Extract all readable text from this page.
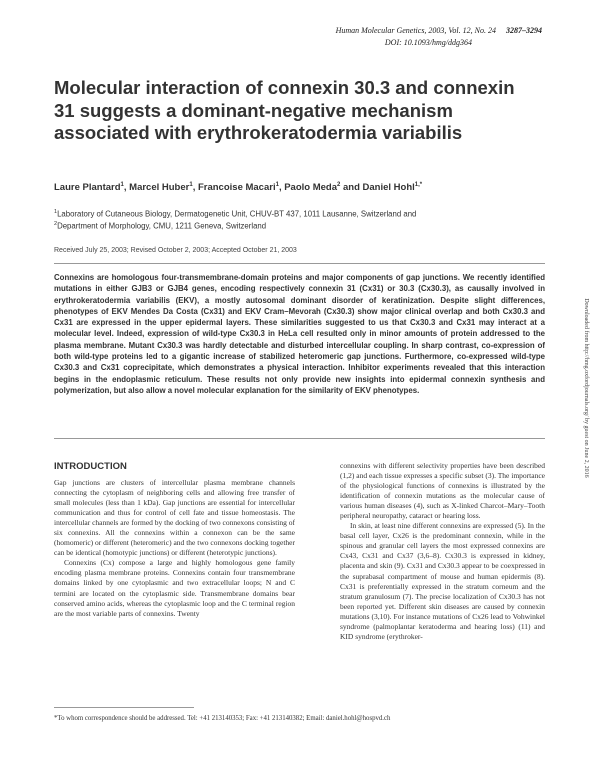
Human Molecular Genetics, 2003, Vol. 12, No. 24 3287–3294
DOI: 10.1093/hmg/ddg364
Molecular interaction of connexin 30.3 and connexin 31 suggests a dominant-negative mechanism associated with erythrokeratodermia variabilis
Laure Plantard$^1$, Marcel Huber$^1$, Francoise Macari$^1$, Paolo Meda$^2$ and Daniel Hohl$^{1,*}$
$^1$Laboratory of Cutaneous Biology, Dermatogenetic Unit, CHUV-BT 437, 1011 Lausanne, Switzerland and
$^2$Department of Morphology, CMU, 1211 Geneva, Switzerland
Received July 25, 2003; Revised October 2, 2003; Accepted October 21, 2003
Connexins are homologous four-transmembrane-domain proteins and major components of gap junctions. We recently identified mutations in either GJB3 or GJB4 genes, encoding respectively connexin 31 (Cx31) or 30.3 (Cx30.3), as causally involved in erythrokeratodermia variabilis (EKV), a mostly autosomal dominant disorder of keratinization. Despite slight differences, phenotypes of EKV Mendes Da Costa (Cx31) and EKV Cram–Mevorah (Cx30.3) show major clinical overlap and both Cx30.3 and Cx31 are expressed in the upper epidermal layers. These similarities suggested to us that Cx30.3 and Cx31 may interact at a molecular level. Indeed, expression of wild-type Cx30.3 in HeLa cell resulted only in minor amounts of protein addressed to the plasma membrane. Mutant Cx30.3 was hardly detectable and disturbed intercellular coupling. In sharp contrast, co-expression of both wild-type proteins led to a gigantic increase of stabilized heteromeric gap junctions. Furthermore, co-expressed wild-type Cx30.3 and Cx31 coprecipitate, which demonstrates a physical interaction. Inhibitor experiments revealed that this interaction begins in the endoplasmic reticulum. These results not only provide new insights into epidermal connexin synthesis and polymerization, but also allow a novel molecular explanation for the similarity of EKV phenotypes.	Downloaded from http://hmg.oxfordjournals.org/ by guest on June 2, 2016
INTRODUCTION

Gap junctions are clusters of intercellular plasma membrane channels connecting the cytoplasm of neighboring cells and allowing free transfer of small molecules (less than 1 kDa). Gap junctions are essential for intercellular communication and thus for control of cell fate and tissue homeostasis. The intercellular channels are formed by the docking of two connexons consisting of six connexins. All the connexins within a connexon can be the same (homomeric) or different (heteromeric) and the two connexons docking together can be identical (homotypic junctions) or different (heterotypic junctions).

Connexins (Cx) compose a large and highly homologous gene family encoding plasma membrane proteins. Connexins contain four transmembrane domains linked by one cytoplasmic and two extracellular loops; N and C termini are located on the cytoplasmic side. Transmembrane domains bear conserved amino acids, whereas the cytoplasmic loop and the C terminal region are the most variable parts of connexins. Twenty

connexins with different selectivity properties have been described (1,2) and each tissue expresses a specific subset (3). The importance of the physiological functions of connexins is illustrated by the identification of connexin mutations as the molecular cause of various human diseases (4), such as X-linked Charcot–Mary–Tooth peripheral neuropathy, cataract or hearing loss.

In skin, at least nine different connexins are expressed (5). In the basal cell layer, Cx26 is the predominant connexin, while in the spinous and granular cell layers the most expressed connexins are Cx43, Cx31 and Cx37 (3,6–8). Cx30.3 is expressed in kidney, placenta and skin (9). Cx31 and Cx30.3 appear to be coexpressed in the suprabasal compartment of mouse and human epidermis (8). Cx31 is preferentially expressed in the stratum corneum and the stratum granulosum (7). The precise localization of Cx30.3 has not been reported yet. Different skin diseases are caused by connexin mutations (3,10). For instance mutations of Cx26 lead to Vohwinkel syndrome (palmoplantar keratoderma and hearing loss) (11) and KID syndrome (erythroker-

*To whom correspondence should be addressed. Tel: +41 213140353; Fax: +41 213140382; Email: daniel.hohl@hospvd.ch
